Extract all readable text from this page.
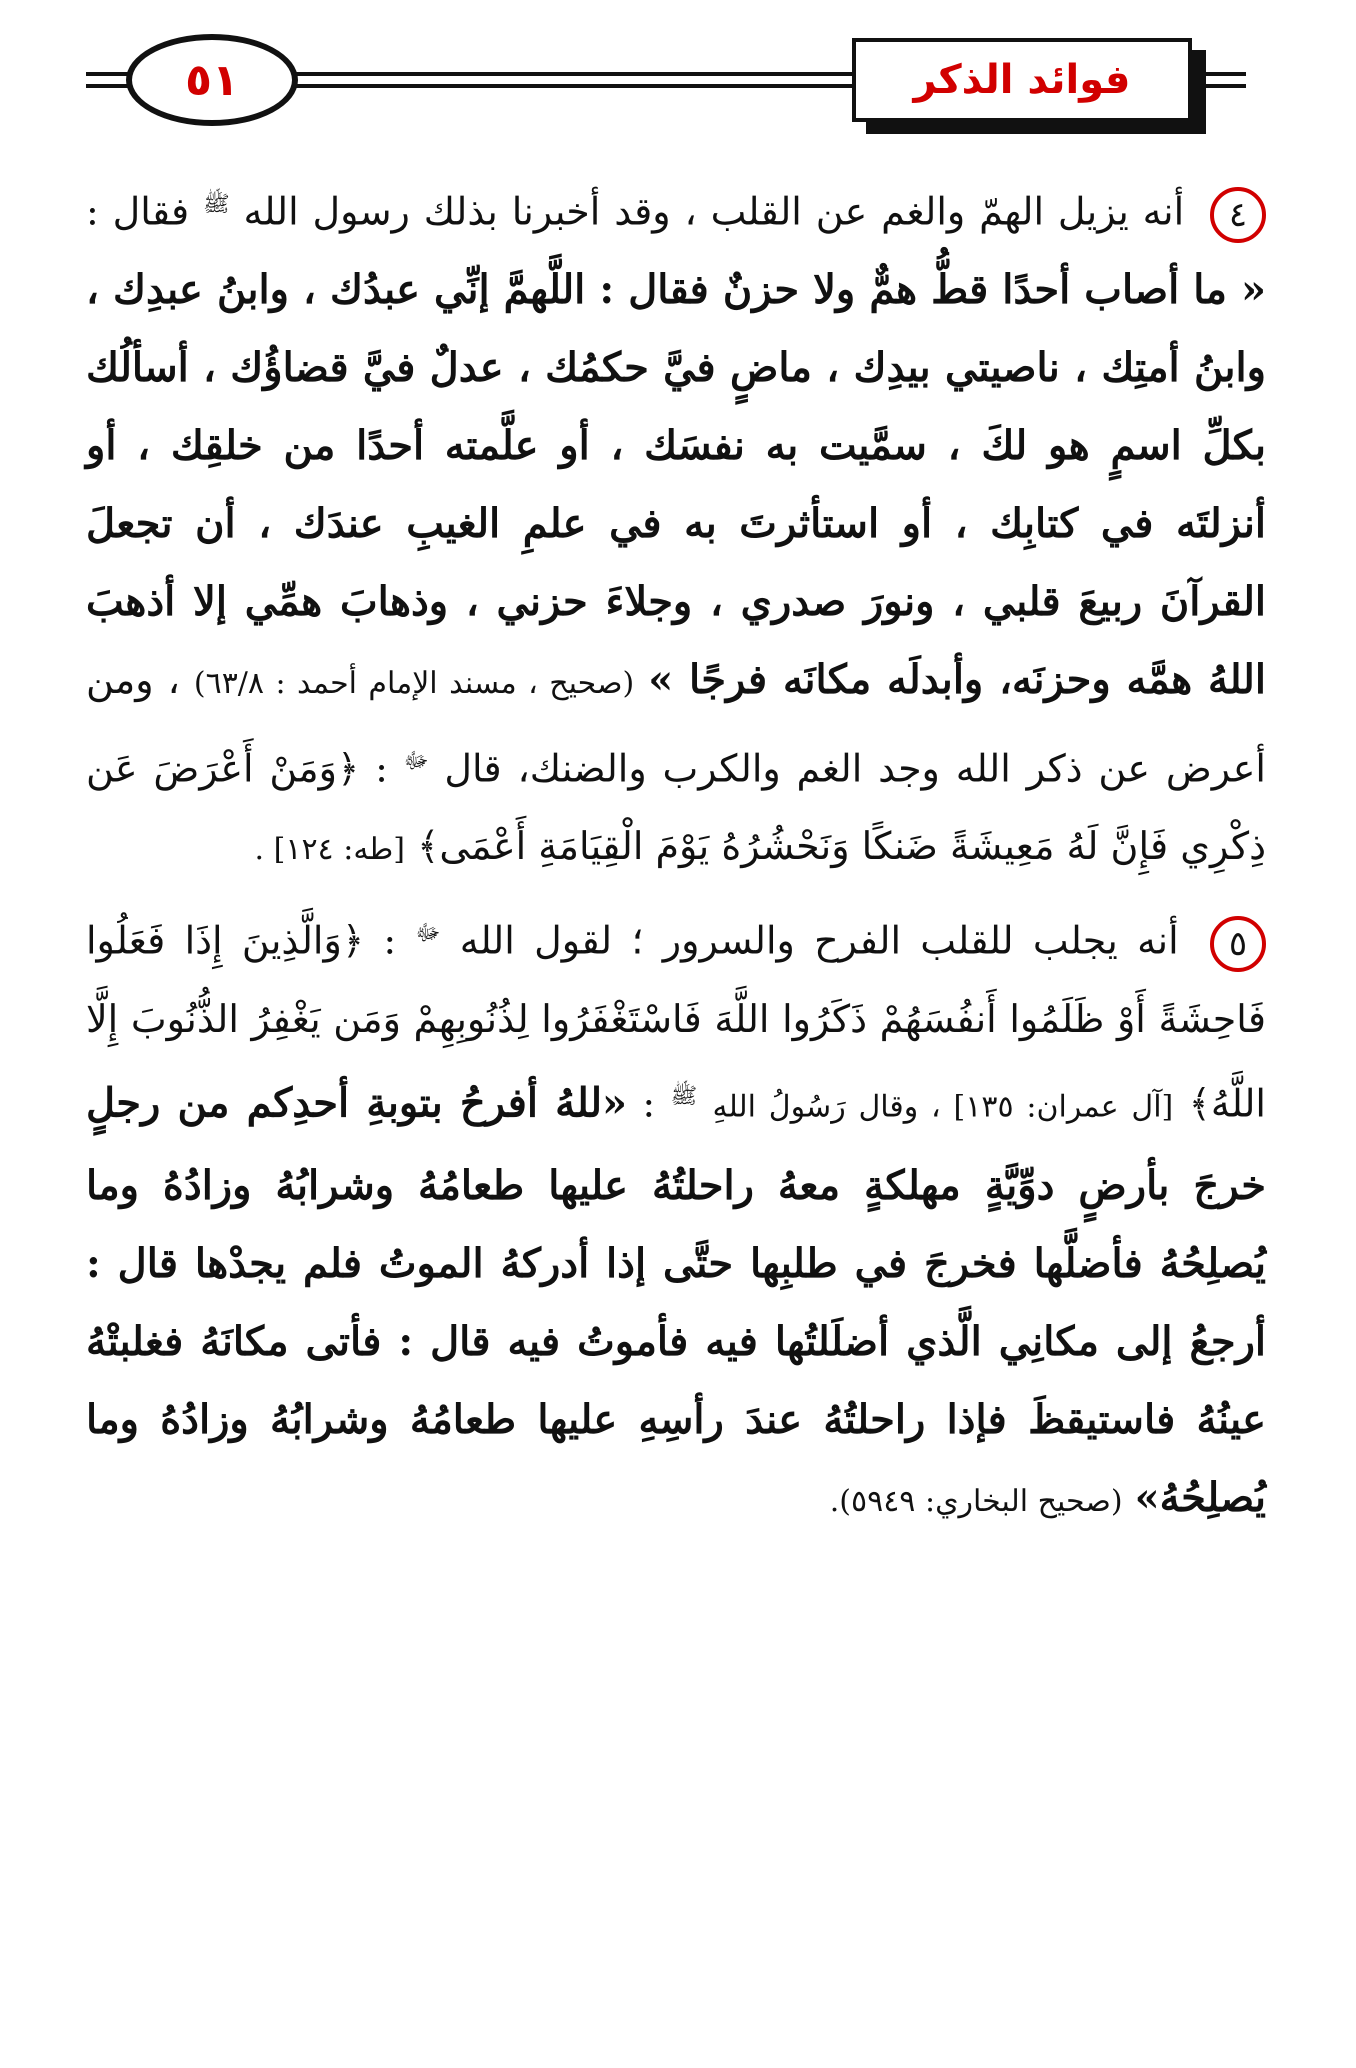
٥١	فوائد الذكر

٤ أنه يزيل الهمّ والغم عن القلب ، وقد أخبرنا بذلك رسول الله $^ﷺ$ فقال : « ما أصاب أحدًا قطُّ همٌّ ولا حزنٌ فقال : اللَّهمَّ إنِّي عبدُك ، وابنُ عبدِك ، وابنُ أمتِك ، ناصيتي بيدِك ، ماضٍ فيَّ حكمُك ، عدلٌ فيَّ قضاؤُك ، أسألُك بكلِّ اسمٍ هو لكَ ، سمَّيت به نفسَك ، أو علَّمته أحدًا من خلقِك ، أو أنزلتَه في كتابِك ، أو استأثرتَ به في علمِ الغيبِ عندَك ، أن تجعلَ القرآنَ ربيعَ قلبي ، ونورَ صدري ، وجلاءَ حزني ، وذهابَ همِّي إلا أذهبَ اللهُ همَّه وحزنَه، وأبدلَه مكانَه فرجًا » (صحيح ، مسند الإمام أحمد : ٦٣/٨) ، ومن أعرض عن ذكر الله وجد الغم والكرب والضنك، قال $^ﷻ$ : ﴿وَمَنْ أَعْرَضَ عَن ذِكْرِي فَإِنَّ لَهُ مَعِيشَةً ضَنكًا وَنَحْشُرُهُ يَوْمَ الْقِيَامَةِ أَعْمَى﴾ [طه: ١٢٤] .

٥ أنه يجلب للقلب الفرح والسرور ؛ لقول الله $^ﷻ$ : ﴿وَالَّذِينَ إِذَا فَعَلُوا فَاحِشَةً أَوْ ظَلَمُوا أَنفُسَهُمْ ذَكَرُوا اللَّهَ فَاسْتَغْفَرُوا لِذُنُوبِهِمْ وَمَن يَغْفِرُ الذُّنُوبَ إِلَّا اللَّهُ﴾ [آل عمران: ١٣٥] ، وقال رَسُولُ اللهِ $^ﷺ$ : «للهُ أفرحُ بتوبةِ أحدِكم من رجلٍ خرجَ بأرضٍ دوِّيَّةٍ مهلكةٍ معهُ راحلتُهُ عليها طعامُهُ وشرابُهُ وزادُهُ وما يُصلِحُهُ فأضلَّها فخرجَ في طلبِها حتَّى إذا أدركهُ الموتُ فلم يجدْها قال : أرجعُ إلى مكانِي الَّذي أضلَلتُها فيه فأموتُ فيه قال : فأتى مكانَهُ فغلبتْهُ عينُهُ فاستيقظَ فإذا راحلتُهُ عندَ رأسِهِ عليها طعامُهُ وشرابُهُ وزادُهُ وما يُصلِحُهُ» (صحيح البخاري: ٥٩٤٩).
